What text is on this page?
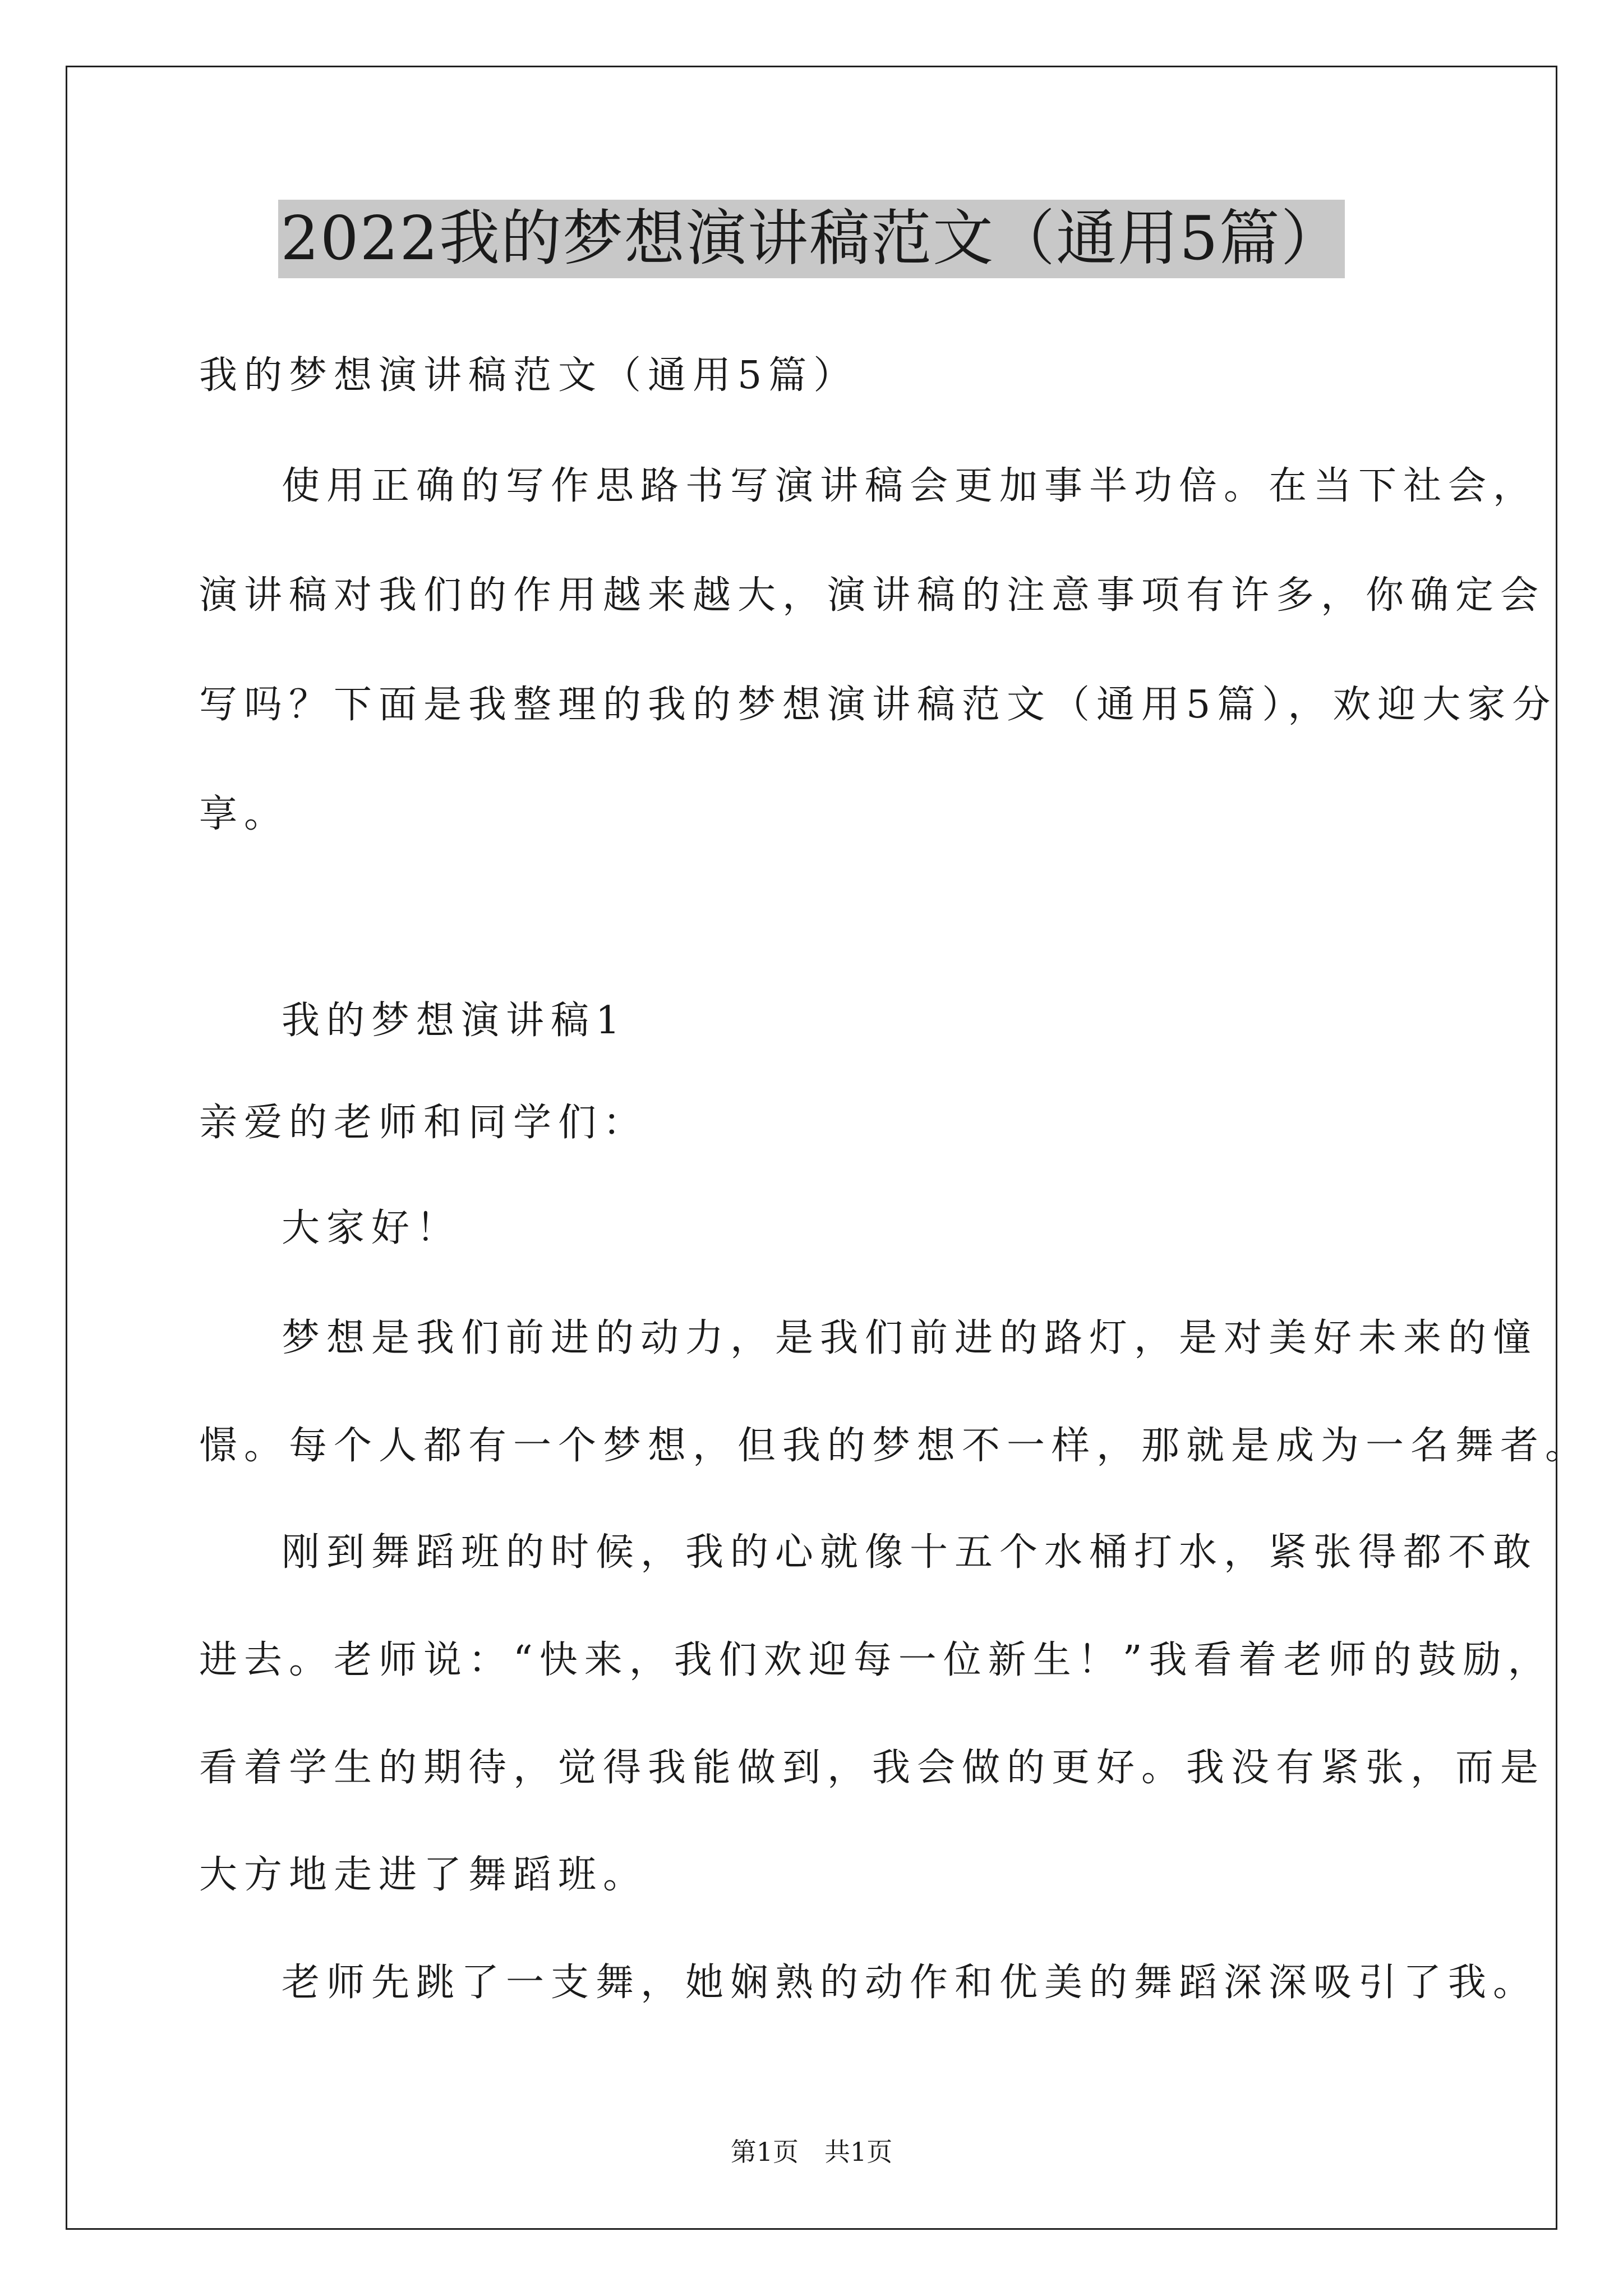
2022我的梦想演讲稿范文（通用5篇）
我的梦想演讲稿范文（通用5篇）
使用正确的写作思路书写演讲稿会更加事半功倍。在当下社会，
演讲稿对我们的作用越来越大，演讲稿的注意事项有许多，你确定会
写吗？下面是我整理的我的梦想演讲稿范文（通用5篇），欢迎大家分
享。
我的梦想演讲稿1
亲爱的老师和同学们：
大家好！
梦想是我们前进的动力，是我们前进的路灯，是对美好未来的憧
憬。每个人都有一个梦想，但我的梦想不一样，那就是成为一名舞者。
刚到舞蹈班的时候，我的心就像十五个水桶打水，紧张得都不敢
进去。老师说：“快来，我们欢迎每一位新生！”我看着老师的鼓励，
看着学生的期待，觉得我能做到，我会做的更好。我没有紧张，而是
大方地走进了舞蹈班。
老师先跳了一支舞，她娴熟的动作和优美的舞蹈深深吸引了我。
第1页　共1页
